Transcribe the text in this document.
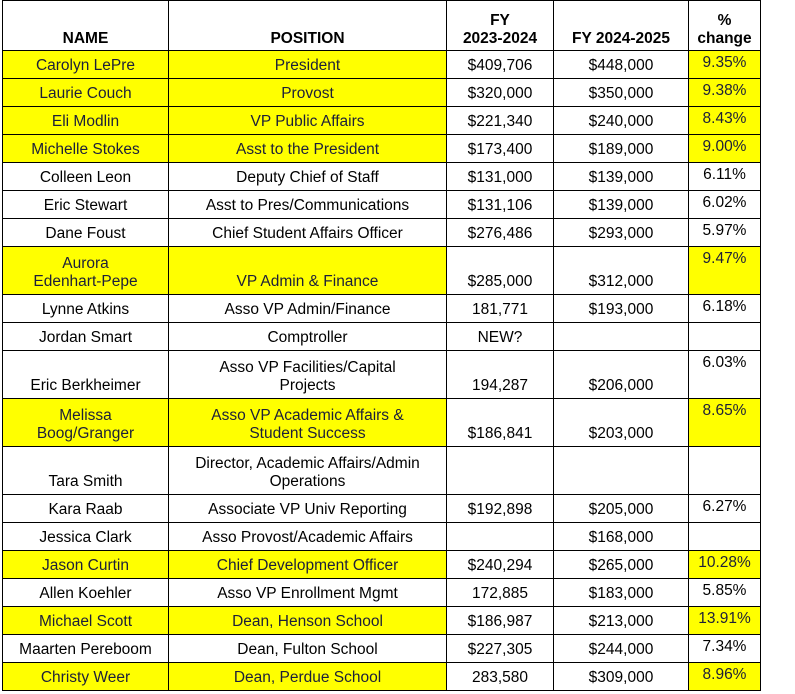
NAME	POSITION	FY
2023-2024	FY 2024-2025	%
change
Carolyn LePre	President	$409,706	$448,000	9.35%
Laurie Couch	Provost	$320,000	$350,000	9.38%
Eli Modlin	VP Public Affairs	$221,340	$240,000	8.43%
Michelle Stokes	Asst to the President	$173,400	$189,000	9.00%
Colleen Leon	Deputy Chief of Staff	$131,000	$139,000	6.11%
Eric Stewart	Asst to Pres/Communications	$131,106	$139,000	6.02%
Dane Foust	Chief Student Affairs Officer	$276,486	$293,000	5.97%
Aurora
Edenhart-Pepe	VP Admin & Finance	$285,000	$312,000	9.47%
Lynne Atkins	Asso VP Admin/Finance	181,771	$193,000	6.18%
Jordan Smart	Comptroller	NEW?		
Eric Berkheimer	Asso VP Facilities/Capital
Projects	194,287	$206,000	6.03%
Melissa
Boog/Granger	Asso VP Academic Affairs &
Student Success	$186,841	$203,000	8.65%
Tara Smith	Director, Academic Affairs/Admin
Operations			
Kara Raab	Associate VP Univ Reporting	$192,898	$205,000	6.27%
Jessica Clark	Asso Provost/Academic Affairs		$168,000	
Jason Curtin	Chief Development Officer	$240,294	$265,000	10.28%
Allen Koehler	Asso VP Enrollment Mgmt	172,885	$183,000	5.85%
Michael Scott	Dean, Henson School	$186,987	$213,000	13.91%
Maarten Pereboom	Dean, Fulton School	$227,305	$244,000	7.34%
Christy Weer	Dean, Perdue School	283,580	$309,000	8.96%
